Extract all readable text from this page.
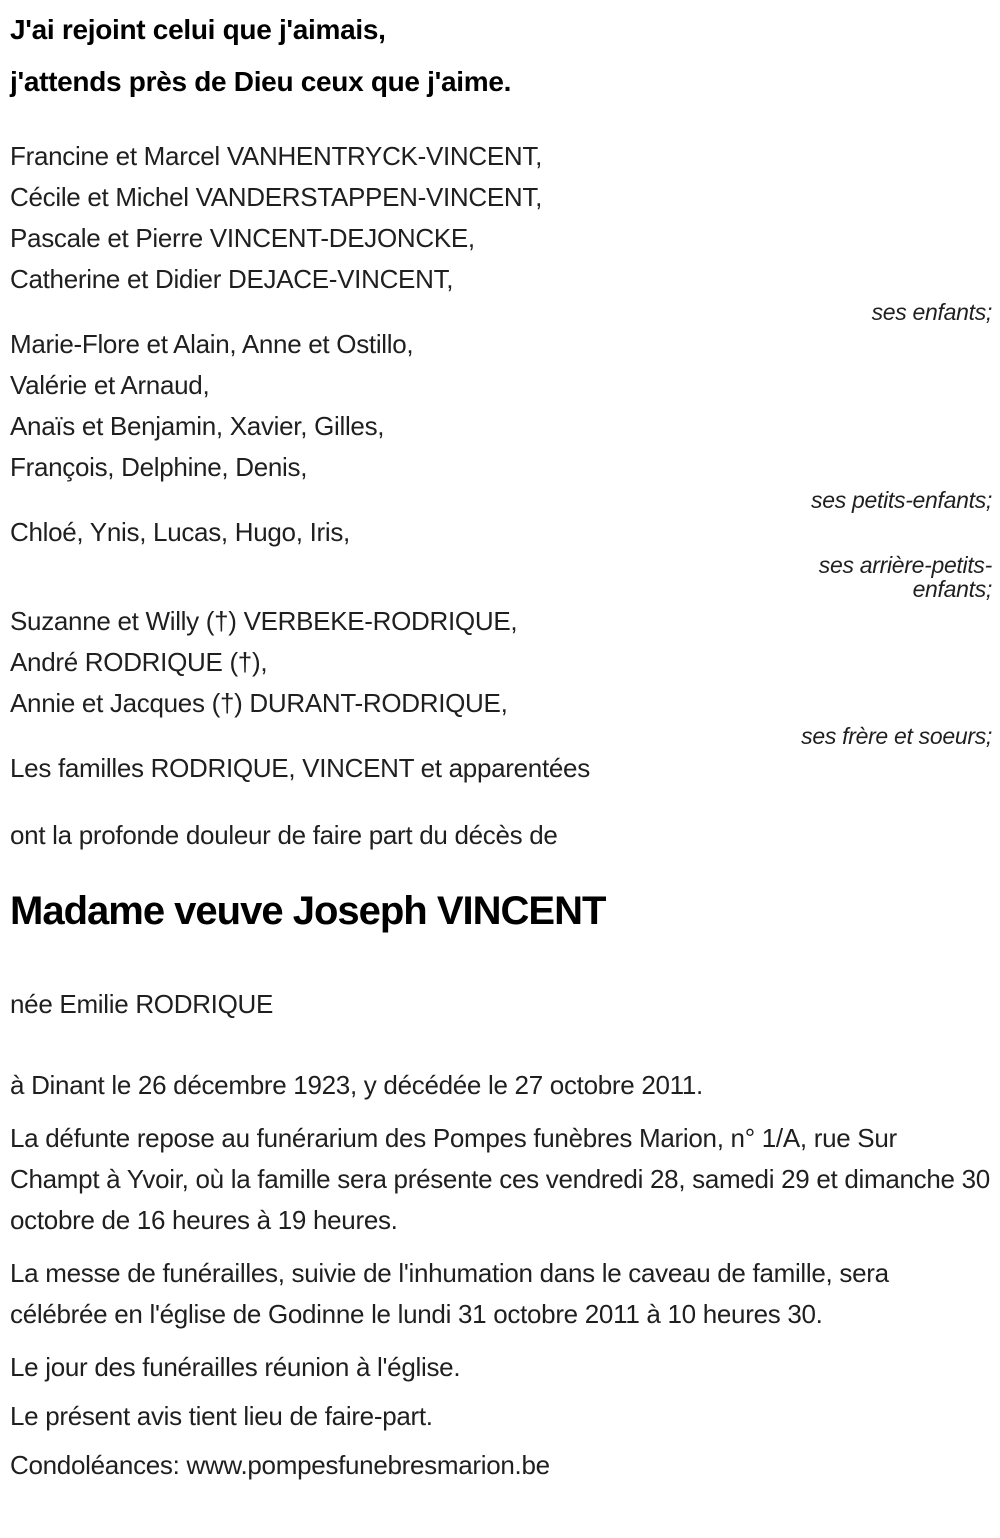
J'ai rejoint celui que j'aimais,
j'attends près de Dieu ceux que j'aime.
Francine et Marcel VANHENTRYCK-VINCENT,
Cécile et Michel VANDERSTAPPEN-VINCENT,
Pascale et Pierre VINCENT-DEJONCKE,
Catherine et Didier DEJACE-VINCENT,
ses enfants;
Marie-Flore et Alain, Anne et Ostillo,
Valérie et Arnaud,
Anaïs et Benjamin, Xavier, Gilles,
François, Delphine, Denis,
ses petits-enfants;
Chloé, Ynis, Lucas, Hugo, Iris,
ses arrière-petits-enfants;
Suzanne et Willy (†) VERBEKE-RODRIQUE,
André RODRIQUE (†),
Annie et Jacques (†) DURANT-RODRIQUE,
ses frère et soeurs;
Les familles RODRIQUE, VINCENT et apparentées
ont la profonde douleur de faire part du décès de
Madame veuve Joseph VINCENT
née Emilie RODRIQUE

à Dinant le 26 décembre 1923, y décédée le 27 octobre 2011.

La défunte repose au funérarium des Pompes funèbres Marion, n° 1/A, rue Sur Champt à Yvoir, où la famille sera présente ces vendredi 28, samedi 29 et dimanche 30 octobre de 16 heures à 19 heures.

La messe de funérailles, suivie de l'inhumation dans le caveau de famille, sera célébrée en l'église de Godinne le lundi 31 octobre 2011 à 10 heures 30.

Le jour des funérailles réunion à l'église.

Le présent avis tient lieu de faire-part.

Condoléances: www.pompesfunebresmarion.be
